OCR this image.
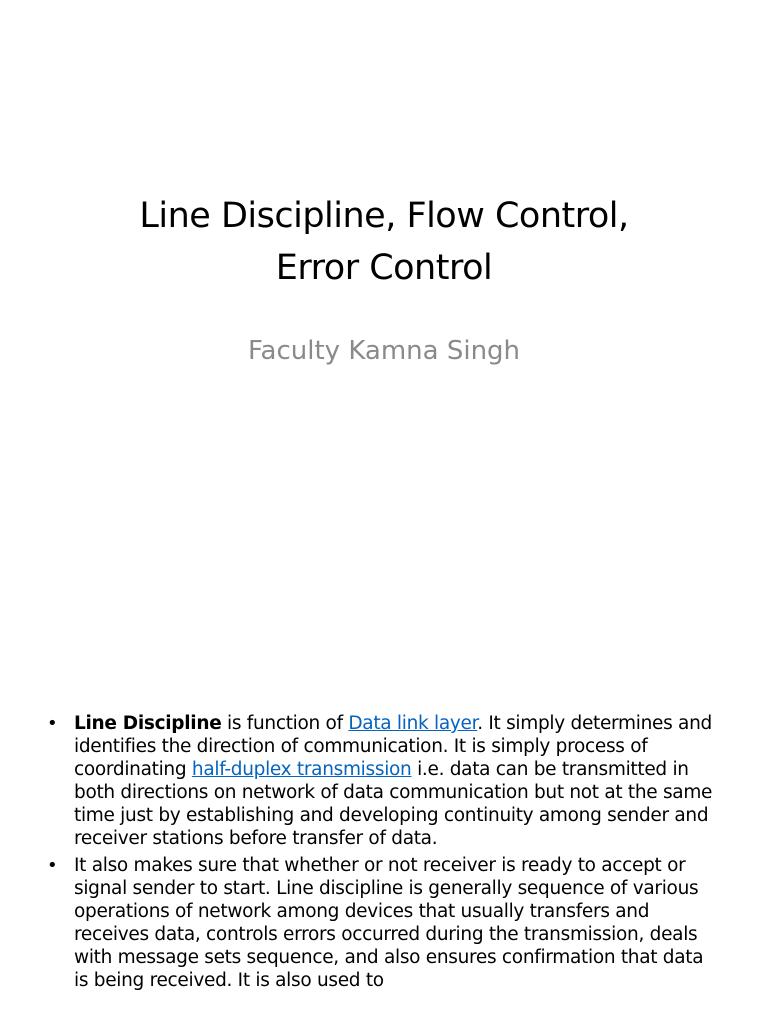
Line Discipline, Flow Control,
Error Control

Faculty Kamna Singh

• Line Discipline is function of Data link layer. It simply determines and identifies the direction of communication. It is simply process of coordinating half-duplex transmission i.e. data can be transmitted in both directions on network of data communication but not at the same time just by establishing and developing continuity among sender and receiver stations before transfer of data.
• It also makes sure that whether or not receiver is ready to accept or signal sender to start. Line discipline is generally sequence of various operations of network among devices that usually transfers and receives data, controls errors occurred during the transmission, deals with message sets sequence, and also ensures confirmation that data is being received. It is also used to
